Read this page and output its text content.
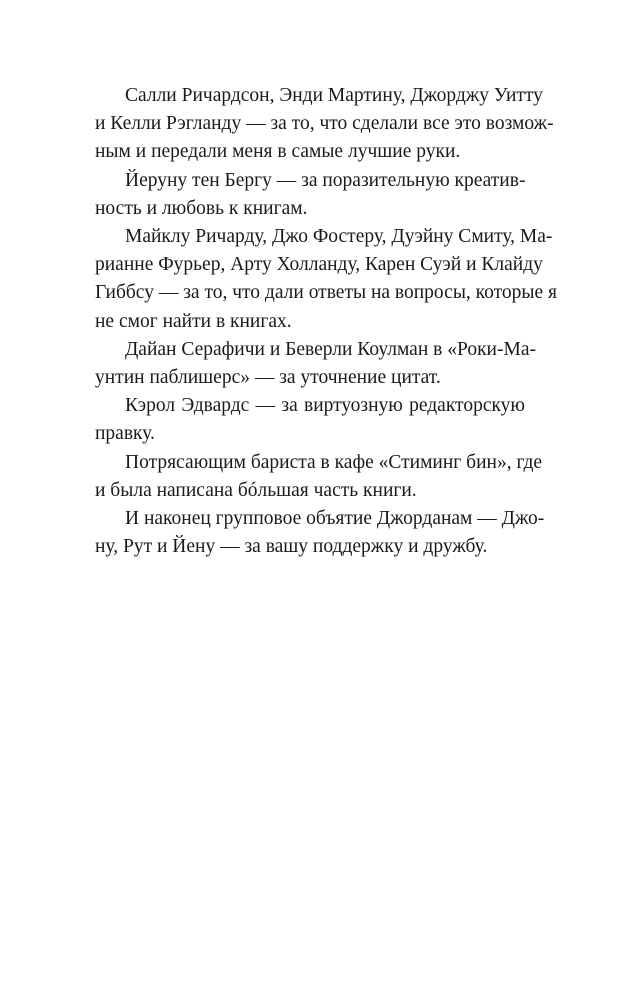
Салли Ричардсон, Энди Мартину, Джорджу Уитту
и Келли Рэгланду — за то, что сделали все это возмож-
ным и передали меня в самые лучшие руки.

Йеруну тен Бергу — за поразительную креатив-
ность и любовь к книгам.

Майклу Ричарду, Джо Фостеру, Дуэйну Смиту, Ма-
рианне Фурьер, Арту Холланду, Карен Суэй и Клайду
Гиббсу — за то, что дали ответы на вопросы, которые я
не смог найти в книгах.

Дайан Серафичи и Беверли Коулман в «Роки-Ма-
унтин паблишерс» — за уточнение цитат.

Кэрол Эдвардс — за виртуозную редакторскую
правку.

Потрясающим бариста в кафе «Стиминг бин», где
и была написана бóльшая часть книги.

И наконец групповое объятие Джорданам — Джо-
ну, Рут и Йену — за вашу поддержку и дружбу.
